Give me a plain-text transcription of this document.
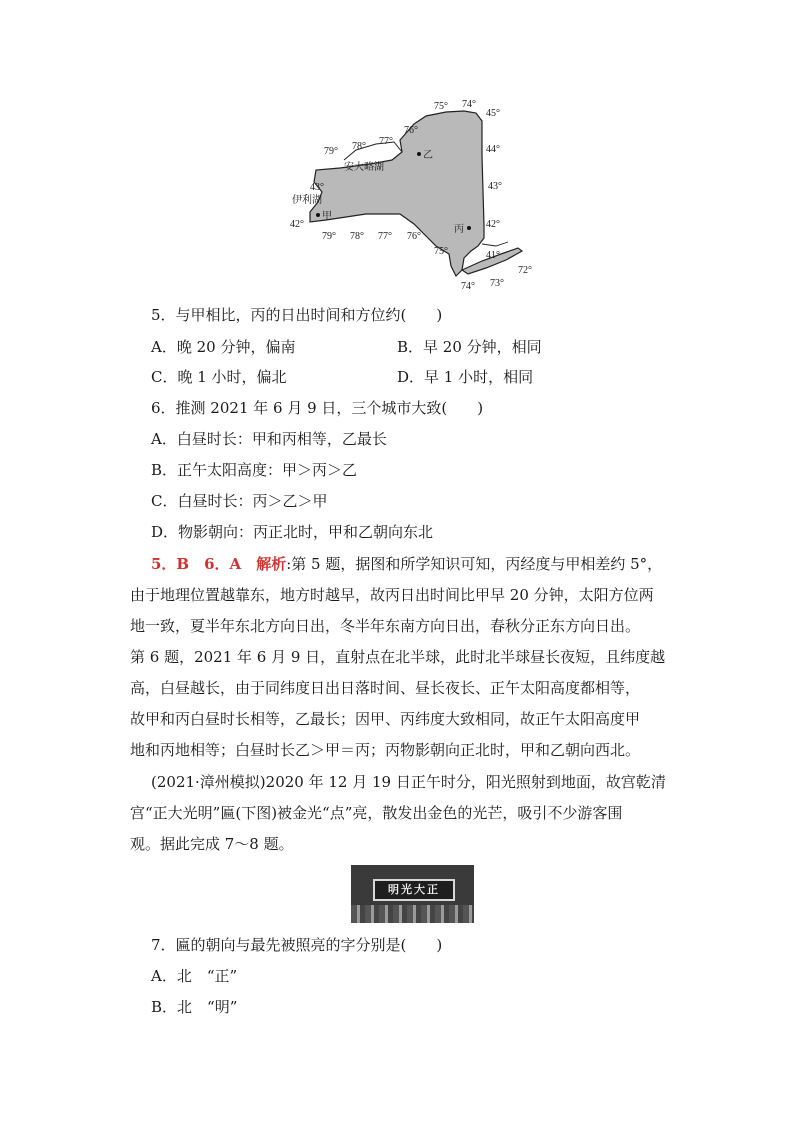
75° 74°
79° 78° 77°
76°
79° 78° 77° 76°
75°
74° 73°
72°
45°
44°
43°	43°
42°	42°
41°
安大略湖
伊利湖
甲
乙
丙
5．与甲相比，丙的日出时间和方位约(　　)
A．晚 20 分钟，偏南	B．早 20 分钟，相同
C．晚 1 小时，偏北	D．早 1 小时，相同
6．推测 2021 年 6 月 9 日，三个城市大致(　　)
A．白昼时长：甲和丙相等，乙最长
B．正午太阳高度：甲＞丙＞乙
C．白昼时长：丙＞乙＞甲
D．物影朝向：丙正北时，甲和乙朝向东北
5．B　6．A　解析:第 5 题，据图和所学知识可知，丙经度与甲相差约 5°，
由于地理位置越靠东，地方时越早，故丙日出时间比甲早 20 分钟，太阳方位两
地一致，夏半年东北方向日出，冬半年东南方向日出，春秋分正东方向日出。
第 6 题，2021 年 6 月 9 日，直射点在北半球，此时北半球昼长夜短，且纬度越
高，白昼越长，由于同纬度日出日落时间、昼长夜长、正午太阳高度都相等，
故甲和丙白昼时长相等，乙最长；因甲、丙纬度大致相同，故正午太阳高度甲
地和丙地相等；白昼时长乙＞甲＝丙；丙物影朝向正北时，甲和乙朝向西北。
(2021·漳州模拟)2020 年 12 月 19 日正午时分，阳光照射到地面，故宫乾清
宫“正大光明”匾(下图)被金光“点”亮，散发出金色的光芒，吸引不少游客围
观。据此完成 7～8 题。
明光大正
7．匾的朝向与最先被照亮的字分别是(　　)
A．北　“正”
B．北　“明”
